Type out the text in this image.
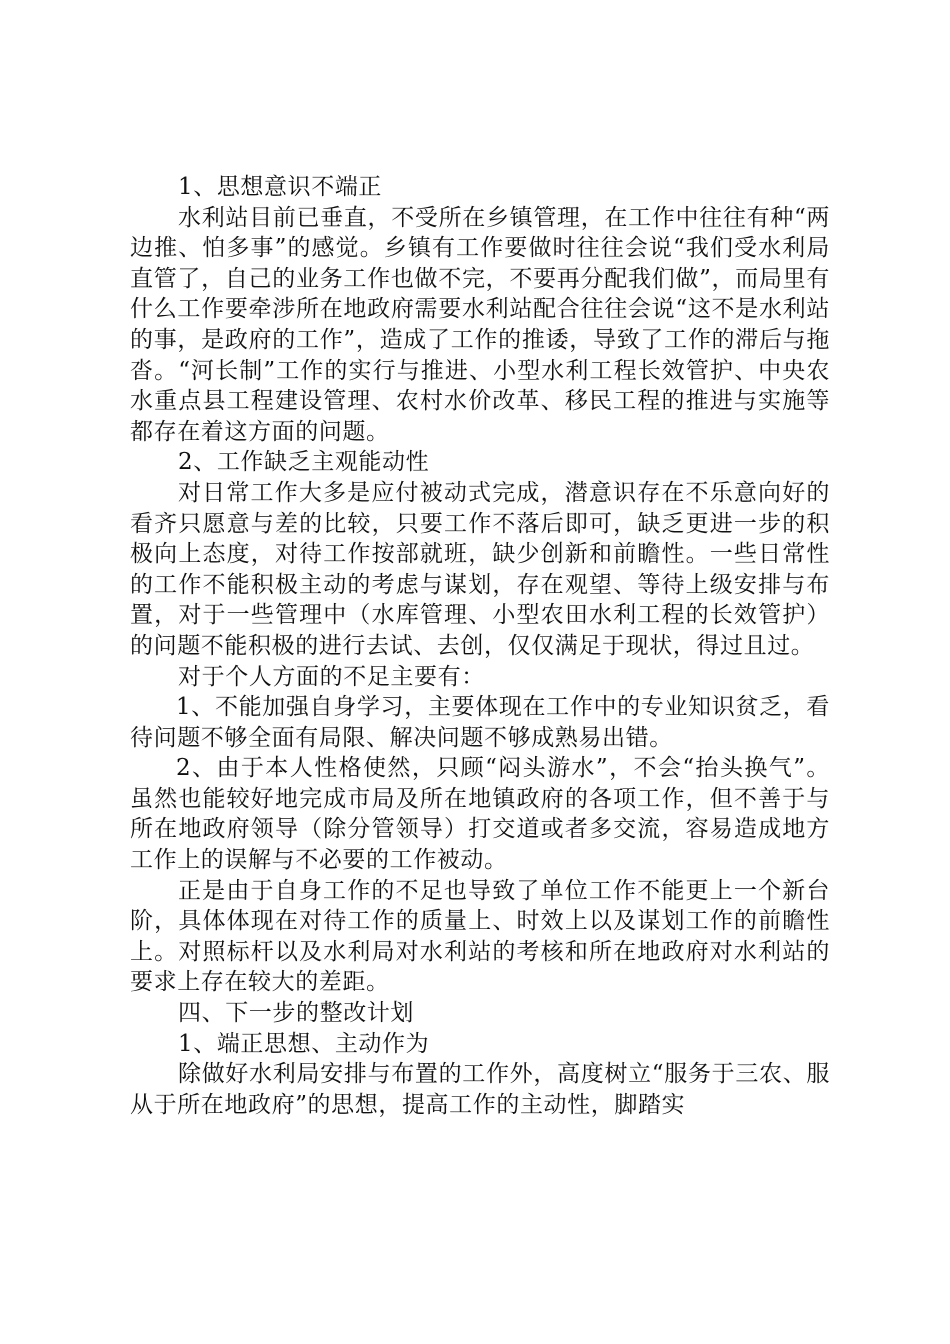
1、思想意识不端正

水利站目前已垂直，不受所在乡镇管理，在工作中往往有种“两边推、怕多事”的感觉。乡镇有工作要做时往往会说“我们受水利局直管了，自己的业务工作也做不完，不要再分配我们做”，而局里有什么工作要牵涉所在地政府需要水利站配合往往会说“这不是水利站的事，是政府的工作”，造成了工作的推诿，导致了工作的滞后与拖沓。“河长制”工作的实行与推进、小型水利工程长效管护、中央农水重点县工程建设管理、农村水价改革、移民工程的推进与实施等都存在着这方面的问题。

2、工作缺乏主观能动性

对日常工作大多是应付被动式完成，潜意识存在不乐意向好的看齐只愿意与差的比较，只要工作不落后即可，缺乏更进一步的积极向上态度，对待工作按部就班，缺少创新和前瞻性。一些日常性的工作不能积极主动的考虑与谋划，存在观望、等待上级安排与布置，对于一些管理中（水库管理、小型农田水利工程的长效管护）的问题不能积极的进行去试、去创，仅仅满足于现状，得过且过。

对于个人方面的不足主要有：

1、不能加强自身学习，主要体现在工作中的专业知识贫乏，看待问题不够全面有局限、解决问题不够成熟易出错。

2、由于本人性格使然，只顾“闷头游水”，不会“抬头换气”。虽然也能较好地完成市局及所在地镇政府的各项工作，但不善于与所在地政府领导（除分管领导）打交道或者多交流，容易造成地方工作上的误解与不必要的工作被动。

正是由于自身工作的不足也导致了单位工作不能更上一个新台阶，具体体现在对待工作的质量上、时效上以及谋划工作的前瞻性上。对照标杆以及水利局对水利站的考核和所在地政府对水利站的要求上存在较大的差距。

四、下一步的整改计划

1、端正思想、主动作为

除做好水利局安排与布置的工作外，高度树立“服务于三农、服从于所在地政府”的思想，提高工作的主动性，脚踏实
